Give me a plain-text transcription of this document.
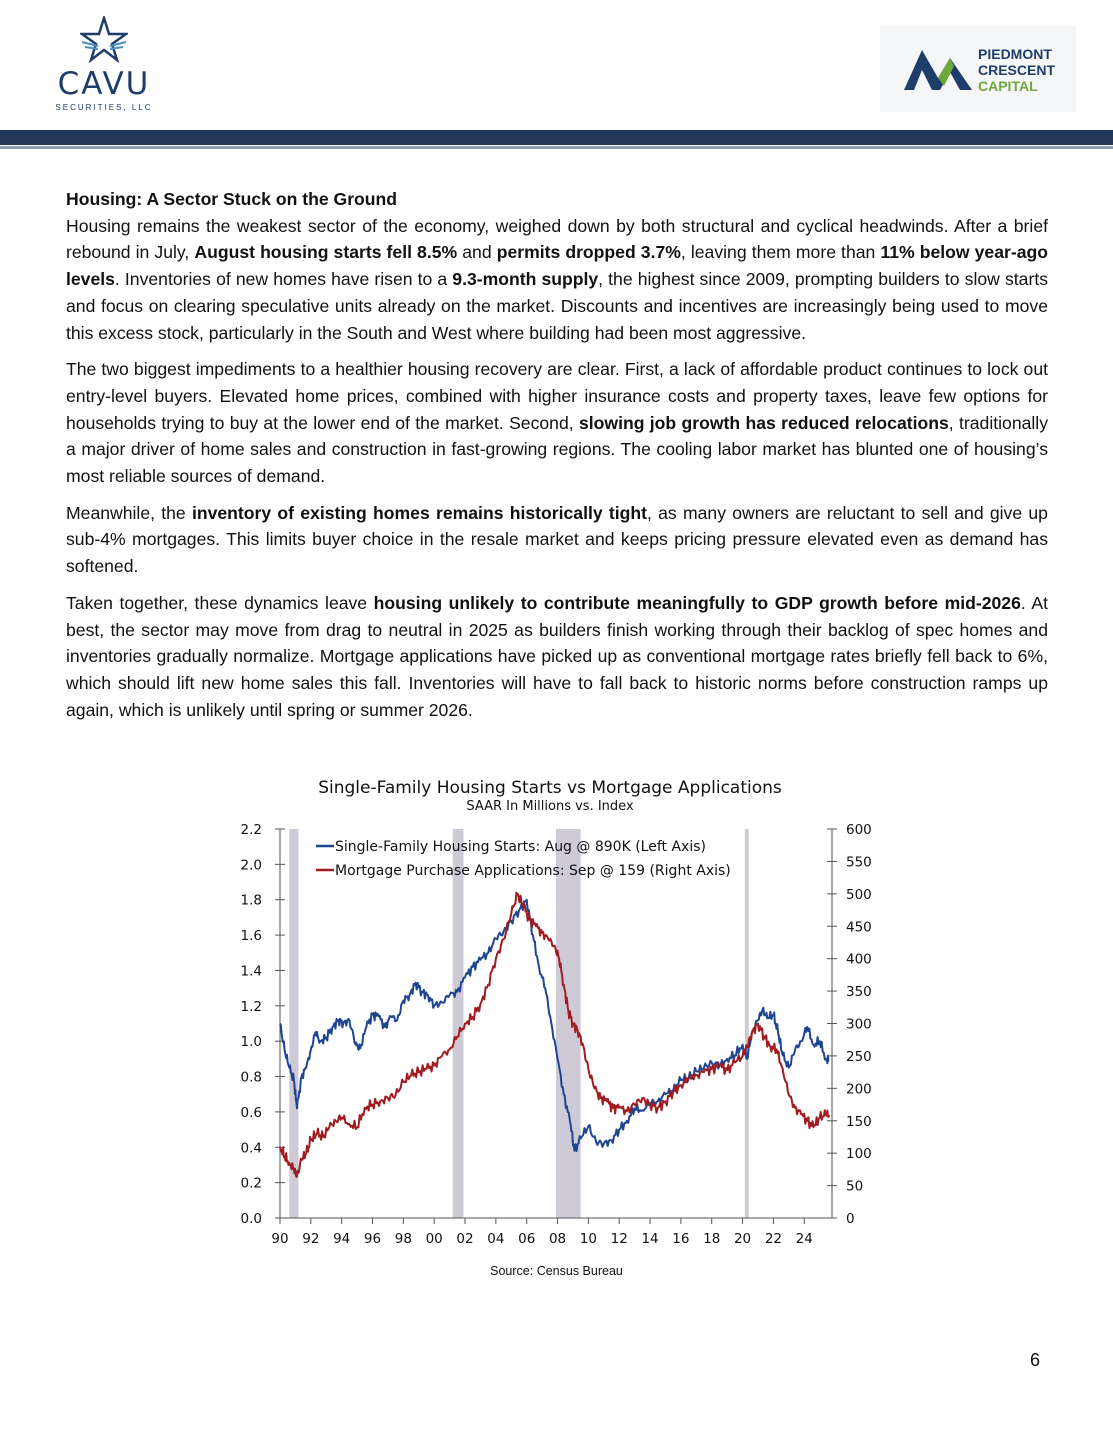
CAVU
SECURITIES, LLC
PIEDMONT
CRESCENT
CAPITAL
Housing: A Sector Stuck on the Ground

Housing remains the weakest sector of the economy, weighed down by both structural and cyclical headwinds. After a brief rebound in July, August housing starts fell 8.5% and permits dropped 3.7%, leaving them more than 11% below year-ago levels. Inventories of new homes have risen to a 9.3-month supply, the highest since 2009, prompting builders to slow starts and focus on clearing speculative units already on the market. Discounts and incentives are increasingly being used to move this excess stock, particularly in the South and West where building had been most aggressive.

The two biggest impediments to a healthier housing recovery are clear. First, a lack of affordable product continues to lock out entry-level buyers. Elevated home prices, combined with higher insurance costs and property taxes, leave few options for households trying to buy at the lower end of the market. Second, slowing job growth has reduced relocations, traditionally a major driver of home sales and construction in fast-growing regions. The cooling labor market has blunted one of housing’s most reliable sources of demand.

Meanwhile, the inventory of existing homes remains historically tight, as many owners are reluctant to sell and give up sub-4% mortgages. This limits buyer choice in the resale market and keeps pricing pressure elevated even as demand has softened.

Taken together, these dynamics leave housing unlikely to contribute meaningfully to GDP growth before mid-2026. At best, the sector may move from drag to neutral in 2025 as builders finish working through their backlog of spec homes and inventories gradually normalize. Mortgage applications have picked up as conventional mortgage rates briefly fell back to 6%, which should lift new home sales this fall. Inventories will have to fall back to historic norms before construction ramps up again, which is unlikely until spring or summer 2026.

Single-Family Housing Starts vs Mortgage Applications
SAAR In Millions vs. Index
0.0
0.2
0.4
0.6
0.8
1.0
1.2
1.4
1.6
1.8
2.0
2.2
0
50
100
150
200
250
300
350
400
450
500
550
600
90 92 94 96 98 00 02 04 06 08 10 12 14 16 18 20 22 24
Single-Family Housing Starts: Aug @ 890K (Left Axis)
Mortgage Purchase Applications: Sep @ 159 (Right Axis)
Source: Census Bureau
6
